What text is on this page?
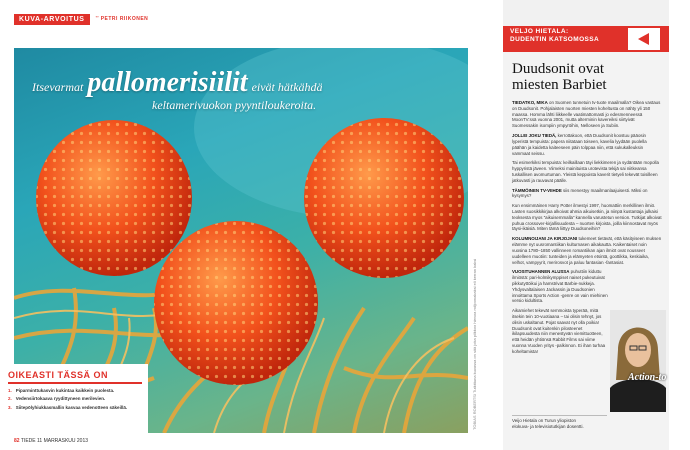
KUVA-ARVOITUS	’’ PETRI RIIKONEN
Itsevarmat pallomerisiilit eivät hätkähdä
keltamerivuokon pyyntiloukeroita.
TOBIAS ROBERTS/ Tutkittuna kuvassa on sitä joka pilkkoo hienoa miljoonakaksi eli kerran kaksi
OIKEASTI TÄSSÄ ON
1. Piparminttukasvin kukintaa kaikkein puolesta.
2. Vedensiirtokaava ryydittyneen merilevien.
3. Siitepölyhiukkasmallin kasvaa vedenotteen säkeillä.
82 TIEDE 11 MARRASKUU 2013
VELJO HIETALA:
DUDENTIN KATSOMOSSA
Duudsonit ovat
miesten Barbiet

TIEDATKO, MIKA on Suomen tunnetuin tv-tuote maailmalla? Oikea vastaus on Duudsonit. Pohjalaisten nuorten miesten koheltusta on nähty yli 150 maassa. Homma lähti liikkeelle vaatimattomasti jo edesmenneessä MoonTV:ssä vuonna 2001, mutta alterminin kavereiksi siirtyivät Suomessakin isompiin ympyröihin, Nelloseen ja Subiin.

JOLLEI JOKU TIEDÄ, kerrottakoon, että Duudsonit koostuu pääosin lyperistä tempuista: papera niitataan toiseen, kavelia lyydään puolella päähän ja kaidetta kaiteeseen päin tolppaa niin, että sukukalleuksin vammaat seissu.

Tai esimerkiksi tempuista: keilkaillaan täyi liekkimeren ja sydäntään mopolla hyppyristä jäveen. Viimeksi mainituista urotevista tekijä sai niitkeansa tuskallisen avomurtuman. Yleistä keppoista kaverit tietyeli tekevät toisilleen jatkuvasti ja rauvavat päälle.

TÄMMÖINEN TV-VIIHDE siis menestyy maailmanlaajuisesti. Miksi on kysymys?

Kun ensimmäinen Harry Potter ilmestyi 1997, huomattiin merkillinen ilmiö. Lasten suosikkikirjaa alkoivat ahmia aikuisetkin, ja niinpä kustantaja julkaisi teoksesta myos “aikuisemmalla” kannella varustetun version. Tutkijat alkoivat puhua crossover-kirjallisuudesta – nuorten kirjoista, joilla kiinnostavat myös täysi-ikäisiä. Miten tämä liittyy Duudsoneihin?

KOLUMNOIJANI JA KIRJOJANI tukemeet tietävät, että käsityiseen muksen elämme nyt uusromantiikan kulturnasen aikakautta. Kaikentaiset noin vuosina 1780–1850 vallinneen romantiikan ajan ilmiöt ovat nousseet uudelleen muotiin: tunteiden ja elämyeten etsintä, goottikka, keskiaika, velhot, vampyyrit, merirosvot ja paluu fantasian -fantasiat.

VUOSITUHANNEN ALUSSA puhuttiin kiduttu ilmiöstä: pari-kolmikymppiset naiset pukeutuivat pikkutyttöikui ja hamstrivat Barbie-nukkeja. Yhdysvaltalaisen Jackassin ja Duudsonien innoittama Sports Action -genre on vain miehinen versio kidultista.

Aikamiehet tekevät semmoista typerää, mitä itsekin tein 10-vuotiaana – tai olisin tehnyt, jos olisin uskaltanut. Pojat saavat nyt olla poikia! Duudsonit ovat kuitenkin pilosteenet ikilapsuudesta niin menestyvän viemittuotteen, että heidän yhtiönsä Rabbit Films sai viime vuonna Vuoden yritys -palkinnon. Ei ihan turhaa koheltamista!

Action-to
Veijo Hietala on Turun yliopiston
elokuva- ja televisiotutkijan dosentti.
